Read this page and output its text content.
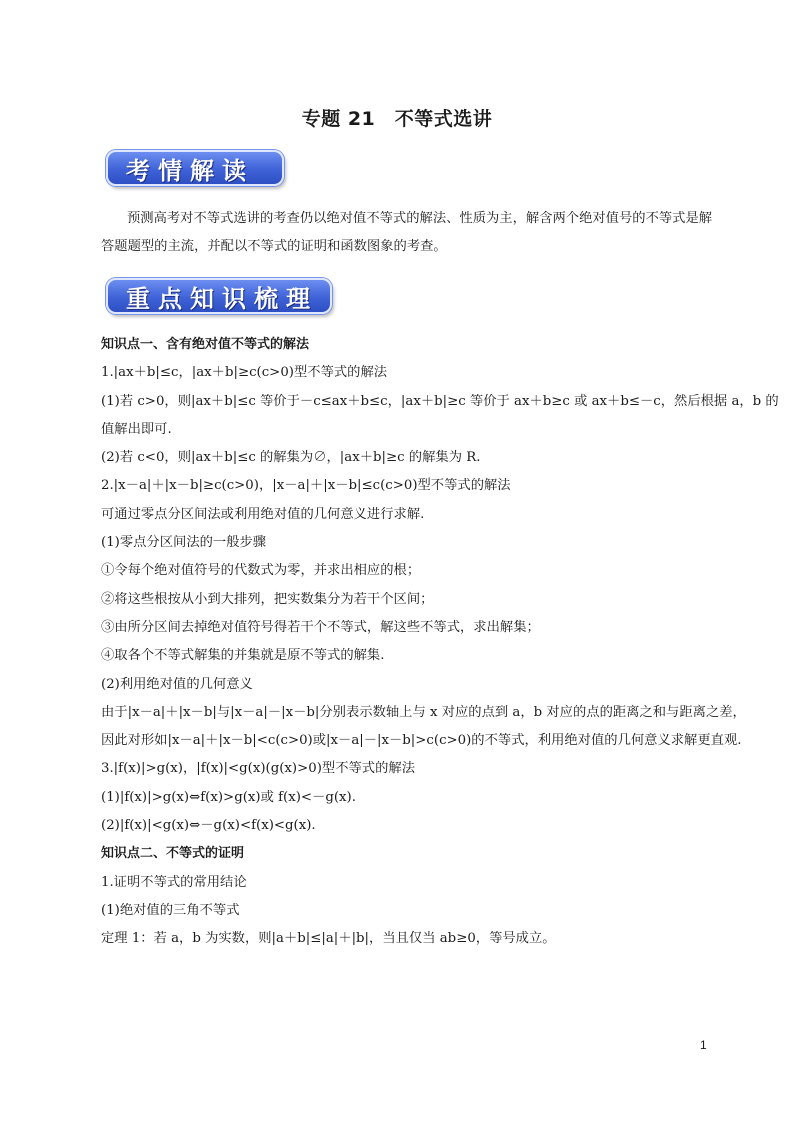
专题 21　不等式选讲
考情解读
预测高考对不等式选讲的考查仍以绝对值不等式的解法、性质为主，解含两个绝对值号的不等式是解答题题型的主流，并配以不等式的证明和函数图象的考查。
重点知识梳理
知识点一、含有绝对值不等式的解法
1.|ax＋b|≤c，|ax＋b|≥c(c>0)型不等式的解法
(1)若 c>0，则|ax＋b|≤c 等价于－c≤ax＋b≤c，|ax＋b|≥c 等价于 ax＋b≥c 或 ax＋b≤－c，然后根据 a，b 的
值解出即可.
(2)若 c<0，则|ax＋b|≤c 的解集为∅，|ax＋b|≥c 的解集为 R.
2.|x－a|＋|x－b|≥c(c>0)，|x－a|＋|x－b|≤c(c>0)型不等式的解法
可通过零点分区间法或利用绝对值的几何意义进行求解.
(1)零点分区间法的一般步骤
①令每个绝对值符号的代数式为零，并求出相应的根；
②将这些根按从小到大排列，把实数集分为若干个区间；
③由所分区间去掉绝对值符号得若干个不等式，解这些不等式，求出解集；
④取各个不等式解集的并集就是原不等式的解集.
(2)利用绝对值的几何意义
由于|x－a|＋|x－b|与|x－a|－|x－b|分别表示数轴上与 x 对应的点到 a，b 对应的点的距离之和与距离之差，
因此对形如|x－a|＋|x－b|<c(c>0)或|x－a|－|x－b|>c(c>0)的不等式，利用绝对值的几何意义求解更直观.
3.|f(x)|>g(x)，|f(x)|<g(x)(g(x)>0)型不等式的解法
(1)|f(x)|>g(x)⇔f(x)>g(x)或 f(x)<－g(x).
(2)|f(x)|<g(x)⇔－g(x)<f(x)<g(x).
知识点二、不等式的证明
1.证明不等式的常用结论
(1)绝对值的三角不等式
定理 1：若 a，b 为实数，则|a＋b|≤|a|＋|b|，当且仅当 ab≥0，等号成立。
1
